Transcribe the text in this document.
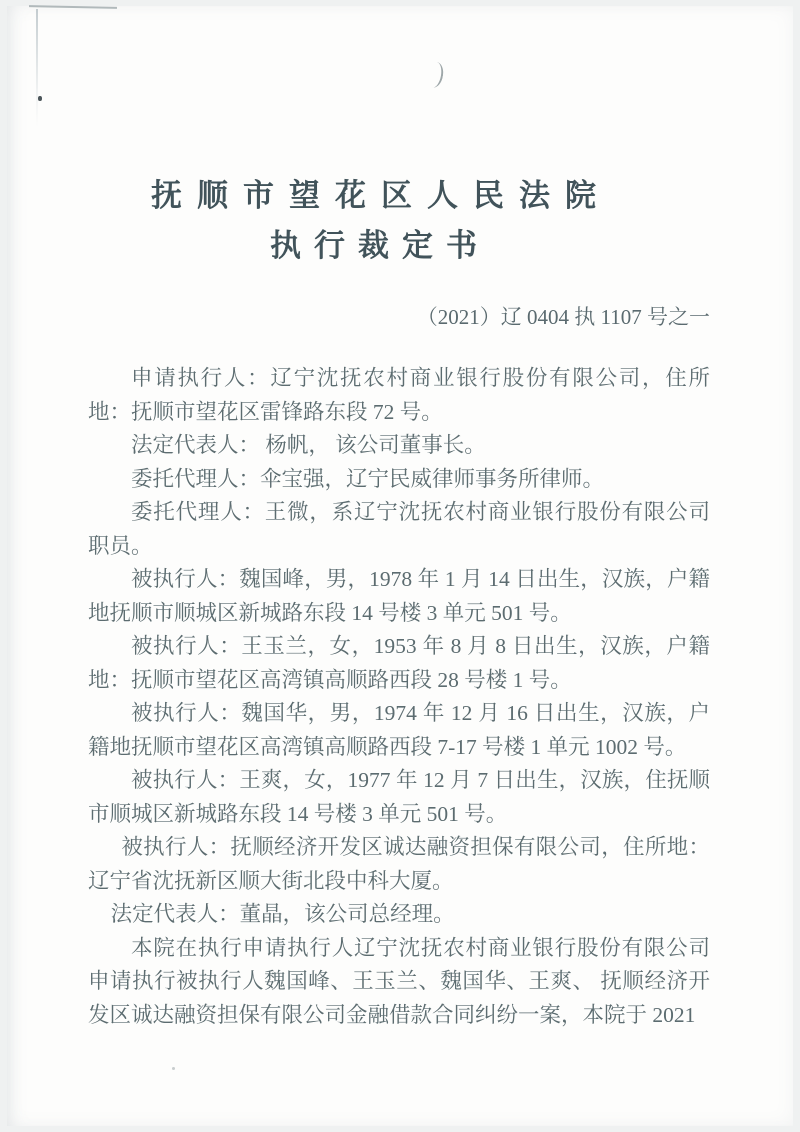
抚顺市望花区人民法院
执行裁定书
（2021）辽 0404 执 1107 号之一

申请执行人：辽宁沈抚农村商业银行股份有限公司，住所地：抚顺市望花区雷锋路东段 72 号。

法定代表人： 杨帆， 该公司董事长。

委托代理人：伞宝强，辽宁民威律师事务所律师。

委托代理人：王微，系辽宁沈抚农村商业银行股份有限公司职员。

被执行人：魏国峰，男，1978 年 1 月 14 日出生，汉族，户籍地抚顺市顺城区新城路东段 14 号楼 3 单元 501 号。

被执行人：王玉兰，女，1953 年 8 月 8 日出生，汉族，户籍地：抚顺市望花区高湾镇高顺路西段 28 号楼 1 号。

被执行人：魏国华，男，1974 年 12 月 16 日出生，汉族，户籍地抚顺市望花区高湾镇高顺路西段 7-17 号楼 1 单元 1002 号。

被执行人：王爽，女，1977 年 12 月 7 日出生，汉族，住抚顺市顺城区新城路东段 14 号楼 3 单元 501 号。

被执行人：抚顺经济开发区诚达融资担保有限公司，住所地：辽宁省沈抚新区顺大街北段中科大厦。

法定代表人：董晶，该公司总经理。

本院在执行申请执行人辽宁沈抚农村商业银行股份有限公司申请执行被执行人魏国峰、王玉兰、魏国华、王爽、 抚顺经济开发区诚达融资担保有限公司金融借款合同纠纷一案，本院于 2021
